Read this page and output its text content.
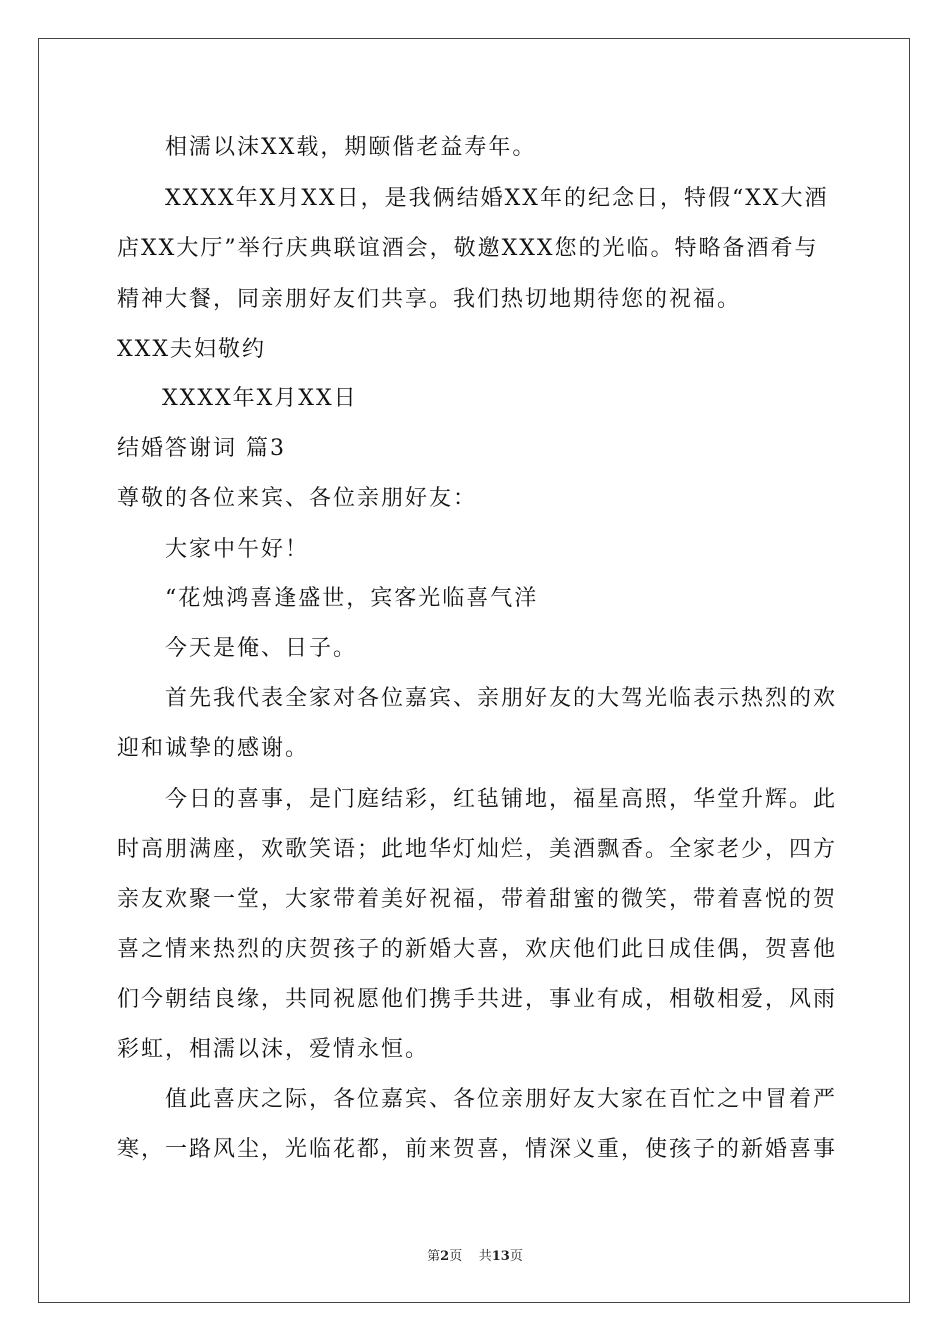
相濡以沫XX载，期颐偕老益寿年。
XXXX年X月XX日，是我俩结婚XX年的纪念日，特假“XX大酒
店XX大厅”举行庆典联谊酒会，敬邀XXX您的光临。特略备酒肴与
精神大餐，同亲朋好友们共享。我们热切地期待您的祝福。
XXX夫妇敬约
XXXX年X月XX日
结婚答谢词 篇3
尊敬的各位来宾、各位亲朋好友：
大家中午好！
“花烛鸿喜逢盛世，宾客光临喜气洋
今天是俺、日子。
首先我代表全家对各位嘉宾、亲朋好友的大驾光临表示热烈的欢
迎和诚挚的感谢。
今日的喜事，是门庭结彩，红毡铺地，福星高照，华堂升辉。此
时高朋满座，欢歌笑语；此地华灯灿烂，美酒飘香。全家老少，四方
亲友欢聚一堂，大家带着美好祝福，带着甜蜜的微笑，带着喜悦的贺
喜之情来热烈的庆贺孩子的新婚大喜，欢庆他们此日成佳偶，贺喜他
们今朝结良缘，共同祝愿他们携手共进，事业有成，相敬相爱，风雨
彩虹，相濡以沫，爱情永恒。
值此喜庆之际，各位嘉宾、各位亲朋好友大家在百忙之中冒着严
寒，一路风尘，光临花都，前来贺喜，情深义重，使孩子的新婚喜事
第2页 共13页
